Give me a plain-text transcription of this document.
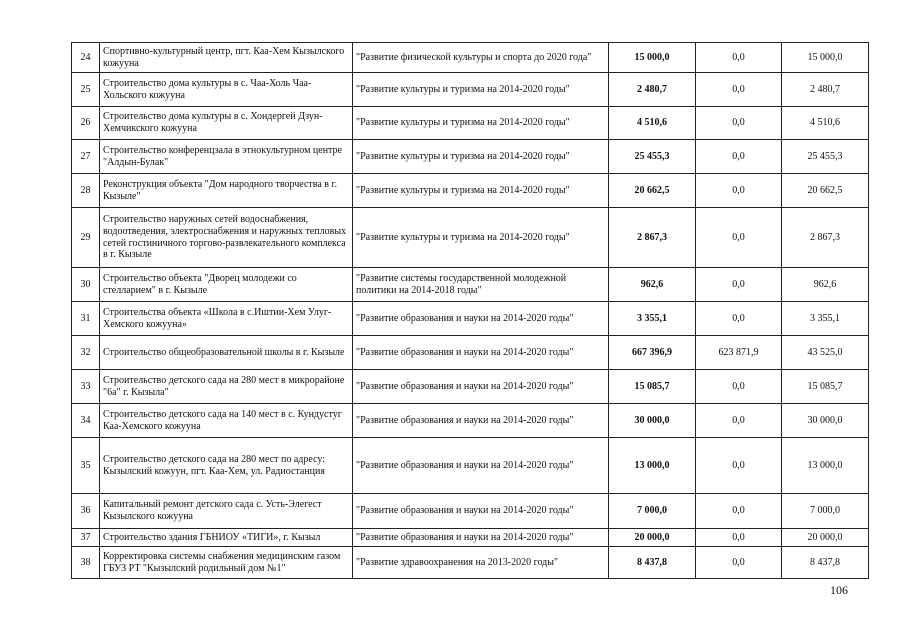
24	Спортивно-культурный центр, пгт. Каа-Хем Кызылского кожууна	"Развитие физической культуры и спорта до 2020 года"	15 000,0	0,0	15 000,0
25	Строительство дома культуры в с. Чаа-Холь Чаа-Хольского кожууна	"Развитие культуры и туризма на 2014-2020 годы"	2 480,7	0,0	2 480,7
26	Строительство дома культуры в с. Хондергей Дзун-Хемчикского кожууна	"Развитие культуры и туризма на 2014-2020 годы"	4 510,6	0,0	4 510,6
27	Строительство конференцзала в этнокультурном центре "Алдын-Булак"	"Развитие культуры и туризма на 2014-2020 годы"	25 455,3	0,0	25 455,3
28	Реконструкция объекта "Дом народного творчества в г. Кызыле"	"Развитие культуры и туризма на 2014-2020 годы"	20 662,5	0,0	20 662,5
29	Строительство наружных сетей водоснабжения, водоотведения, электроснабжения и наружных тепловых сетей гостиничного торгово-развлекательного комплекса в г. Кызыле	"Развитие культуры и туризма на 2014-2020 годы"	2 867,3	0,0	2 867,3
30	Строительство объекта "Дворец молодежи со стелларием" в г. Кызыле	"Развитие системы государственной молодежной политики на 2014-2018 годы"	962,6	0,0	962,6
31	Строительства объекта «Школа в с.Иштии-Хем Улуг-Хемского кожууна»	"Развитие образования и науки на 2014-2020 годы"	3 355,1	0,0	3 355,1
32	Строительство общеобразовательной школы в г. Кызыле	"Развитие образования и науки на 2014-2020 годы"	667 396,9	623 871,9	43 525,0
33	Строительство детского сада на 280 мест в микрорайоне "6а" г. Кызыла"	"Развитие образования и науки на 2014-2020 годы"	15 085,7	0,0	15 085,7
34	Строительство детского сада на 140 мест в с. Кундустуг Каа-Хемского кожууна	"Развитие образования и науки на 2014-2020 годы"	30 000,0	0,0	30 000,0
35	Строительство детского сада на 280 мест по адресу: Кызылский кожуун, пгт. Каа-Хем, ул. Радиостанция	"Развитие образования и науки на 2014-2020 годы"	13 000,0	0,0	13 000,0
36	Капитальный ремонт детского сада с. Усть-Элегест Кызылского кожууна	"Развитие образования и науки на 2014-2020 годы"	7 000,0	0,0	7 000,0
37	Строительство здания ГБНИОУ «ТИГИ», г. Кызыл	"Развитие образования и науки на 2014-2020 годы"	20 000,0	0,0	20 000,0
38	Корректировка системы снабжения медицинским газом ГБУЗ РТ "Кызылский родильный дом №1"	"Развитие здравоохранения на 2013-2020 годы"	8 437,8	0,0	8 437,8
106
